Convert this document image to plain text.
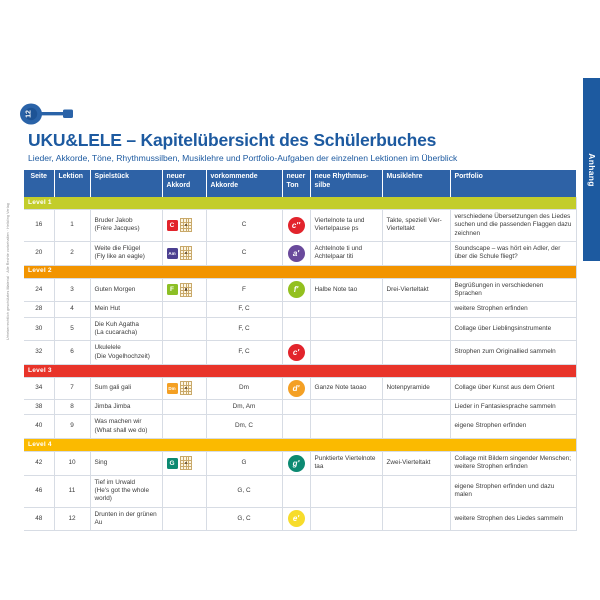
Anhang
Urheberrechtlich geschütztes Material · Alle Rechte vorbehalten · Helbling Verlag
12
UKU&LELE – Kapitelübersicht des Schülerbuches
Lieder, Akkorde, Töne, Rhythmussilben, Musiklehre und Portfolio-Aufgaben der einzelnen Lektionen im Überblick
Seite	Lektion	Spielstück	neuer Akkord	vorkommende Akkorde	neuer Ton	neue Rhythmus-silbe	Musiklehre	Portfolio
Level 1								
16	1	Bruder Jakob
(Frère Jacques)	C	C	c''	Viertelnote ta und Viertelpause ps	Takte, speziell Vier-Vierteltakt	verschiedene Übersetzungen des Liedes suchen und die passenden Flaggen dazu zeichnen
20	2	Weite die Flügel
(Fly like an eagle)	Am	C	a'	Achtelnote ti und Achtelpaar titi		Soundscape – was hört ein Adler, der über die Schule fliegt?
Level 2								
24	3	Guten Morgen	F	F	f'	Halbe Note tao	Drei-Vierteltakt	Begrüßungen in verschiedenen Sprachen
28	4	Mein Hut		F, C				weitere Strophen erfinden
30	5	Die Kuh Agatha
(La cucaracha)		F, C				Collage über Lieblingsinstrumente
32	6	Ukulelele
(Die Vogelhochzeit)		F, C	c'			Strophen zum Originallied sammeln
Level 3								
34	7	Sum gali gali	Dm	Dm	d'	Ganze Note taoao	Notenpyramide	Collage über Kunst aus dem Orient
38	8	Jimba Jimba		Dm, Am				Lieder in Fantasiesprache sammeln
40	9	Was machen wir
(What shall we do)		Dm, C				eigene Strophen erfinden
Level 4								
42	10	Sing	G	G	g'	Punktierte Viertelnote taa	Zwei-Vierteltakt	Collage mit Bildern singender Menschen; weitere Strophen erfinden
46	11	Tief im Urwald
(He's got the whole world)		G, C				eigene Strophen erfinden und dazu malen
48	12	Drunten in der grünen Au		G, C	e'			weitere Strophen des Liedes sammeln
